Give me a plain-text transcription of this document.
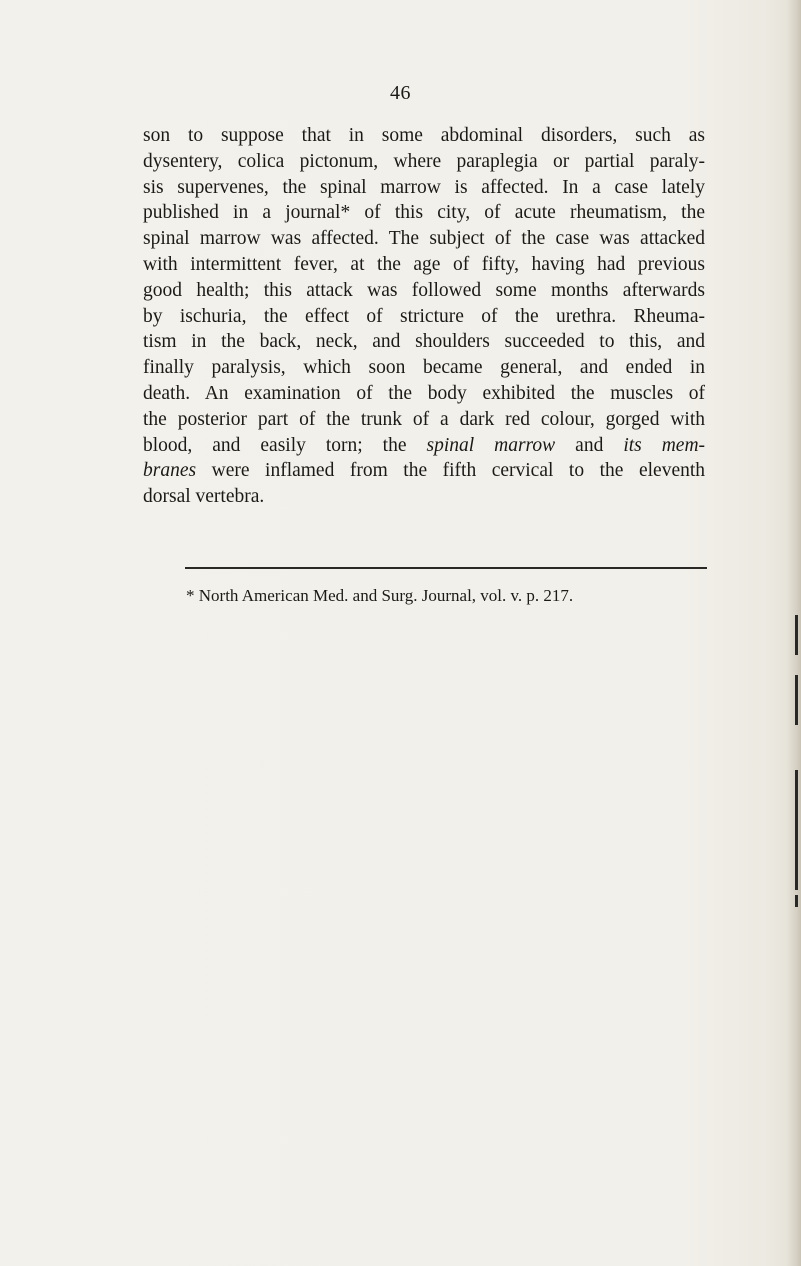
46
son to suppose that in some abdominal disorders, such as
dysentery, colica pictonum, where paraplegia or partial paraly-
sis supervenes, the spinal marrow is affected. In a case lately
published in a journal* of this city, of acute rheumatism, the
spinal marrow was affected. The subject of the case was attacked
with intermittent fever, at the age of fifty, having had previous
good health; this attack was followed some months afterwards
by ischuria, the effect of stricture of the urethra. Rheuma-
tism in the back, neck, and shoulders succeeded to this, and
finally paralysis, which soon became general, and ended in
death. An examination of the body exhibited the muscles of
the posterior part of the trunk of a dark red colour, gorged with
blood, and easily torn; the spinal marrow and its mem-
branes were inflamed from the fifth cervical to the eleventh
dorsal vertebra.
* North American Med. and Surg. Journal, vol. v. p. 217.
